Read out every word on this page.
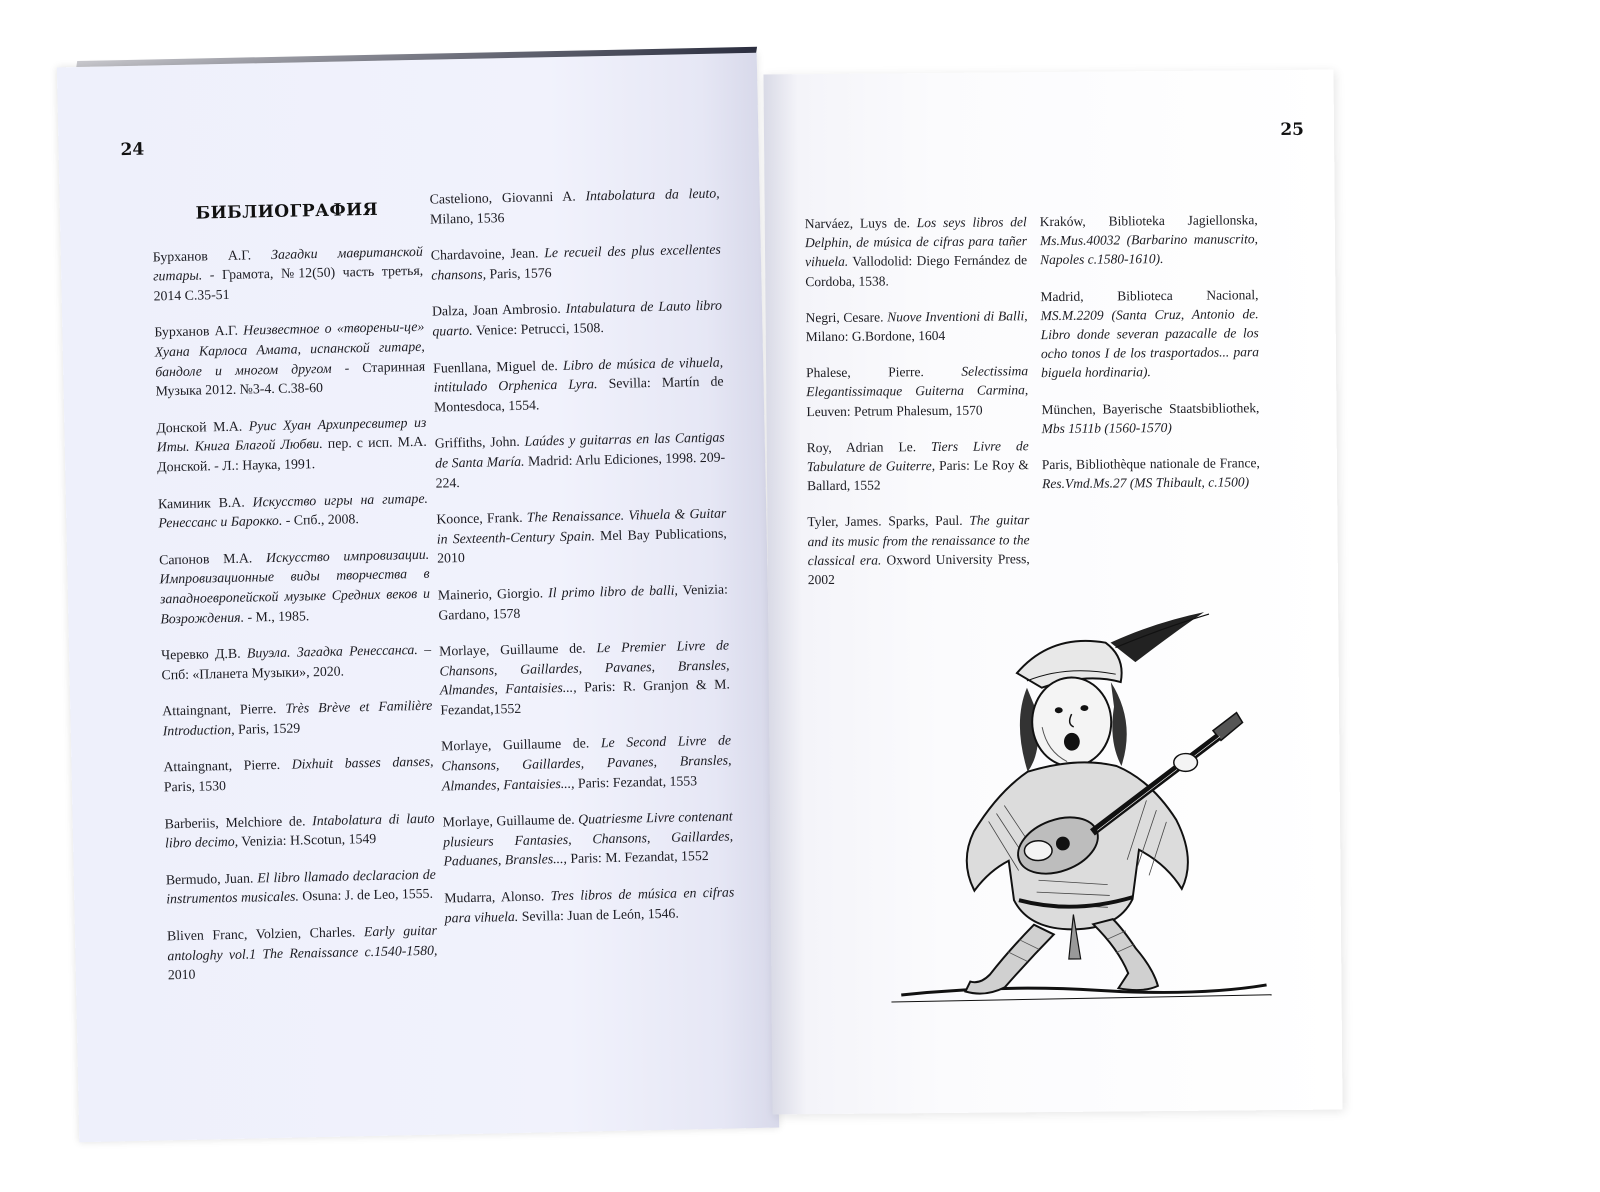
24
БИБЛИОГРАФИЯ
Бурханов А.Г. Загадки мавританской гитары. - Грамота, №12(50) часть третья, 2014 С.35-51
Бурханов А.Г. Неизвестное о «твореньи-це» Хуана Карлоса Амата, испанской гитаре, бандоле и многом другом - Старинная Музыка 2012. №3-4. С.38-60
Донской М.А. Руис Хуан Архипресвитер из Иты. Книга Благой Любви. пер. с исп. М.А. Донской. - Л.: Наука, 1991.
Каминик В.А. Искусство игры на гитаре. Ренессанс и Барокко. - Спб., 2008.
Сапонов М.А. Искусство импровизации. Импровизационные виды творчества в западноевропейской музыке Средних веков и Возрождения. - М., 1985.
Черевко Д.В. Виуэла. Загадка Ренессанса. – Спб: «Планета Музыки», 2020.
Attaingnant, Pierre. Très Brève et Familière Introduction, Paris, 1529
Attaingnant, Pierre. Dixhuit basses danses, Paris, 1530
Barberiis, Melchiore de. Intabolatura di lauto libro decimo, Venizia: H.Scotun, 1549
Bermudo, Juan. El libro llamado declaracion de instrumentos musicales. Osuna: J. de Leo, 1555.
Bliven Franc, Volzien, Charles. Early guitar antologhy vol.1 The Renaissance c.1540-1580, 2010
Casteliono, Giovanni A. Intabolatura da leuto, Milano, 1536
Chardavoine, Jean. Le recueil des plus excellentes chansons, Paris, 1576
Dalza, Joan Ambrosio. Intabulatura de Lauto libro quarto. Venice: Petrucci, 1508.
Fuenllana, Miguel de. Libro de música de vihuela, intitulado Orphenica Lyra. Sevilla: Martín de Montesdoca, 1554.
Griffiths, John. Laúdes y guitarras en las Cantigas de Santa María. Madrid: Arlu Ediciones, 1998. 209-224.
Koonce, Frank. The Renaissance. Vihuela & Guitar in Sexteenth-Century Spain. Mel Bay Publications, 2010
Mainerio, Giorgio. Il primo libro de balli, Venizia: Gardano, 1578
Morlaye, Guillaume de. Le Premier Livre de Chansons, Gaillardes, Pavanes, Bransles, Almandes, Fantaisies..., Paris: R. Granjon & M. Fezandat,1552
Morlaye, Guillaume de. Le Second Livre de Chansons, Gaillardes, Pavanes, Bransles, Almandes, Fantaisies..., Paris: Fezandat, 1553
Morlaye, Guillaume de. Quatriesme Livre contenant plusieurs Fantasies, Chansons, Gaillardes, Paduanes, Bransles..., Paris: M. Fezandat, 1552
Mudarra, Alonso. Tres libros de música en cifras para vihuela. Sevilla: Juan de León, 1546.
25
Narváez, Luys de. Los seys libros del Delphin, de música de cifras para tañer vihuela. Vallodolid: Diego Fernández de Cordoba, 1538.
Negri, Cesare. Nuove Inventioni di Balli, Milano: G.Bordone, 1604
Phalese, Pierre. Selectissima Elegantissimaque Guiterna Carmina, Leuven: Petrum Phalesum, 1570
Roy, Adrian Le. Tiers Livre de Tabulature de Guiterre, Paris: Le Roy & Ballard, 1552
Tyler, James. Sparks, Paul. The guitar and its music from the renaissance to the classical era. Oxword University Press, 2002
Kraków, Biblioteka Jagiellonska, Ms.Mus.40032 (Barbarino manuscrito, Napoles c.1580-1610).
Madrid, Biblioteca Nacional, MS.M.2209 (Santa Cruz, Antonio de. Libro donde severan pazacalle de los ocho tonos I de los trasportados... para biguela hordinaria).
München, Bayerische Staatsbibliothek, Mbs 1511b (1560-1570)
Paris, Bibliothèque nationale de France, Res.Vmd.Ms.27 (MS Thibault, c.1500)
